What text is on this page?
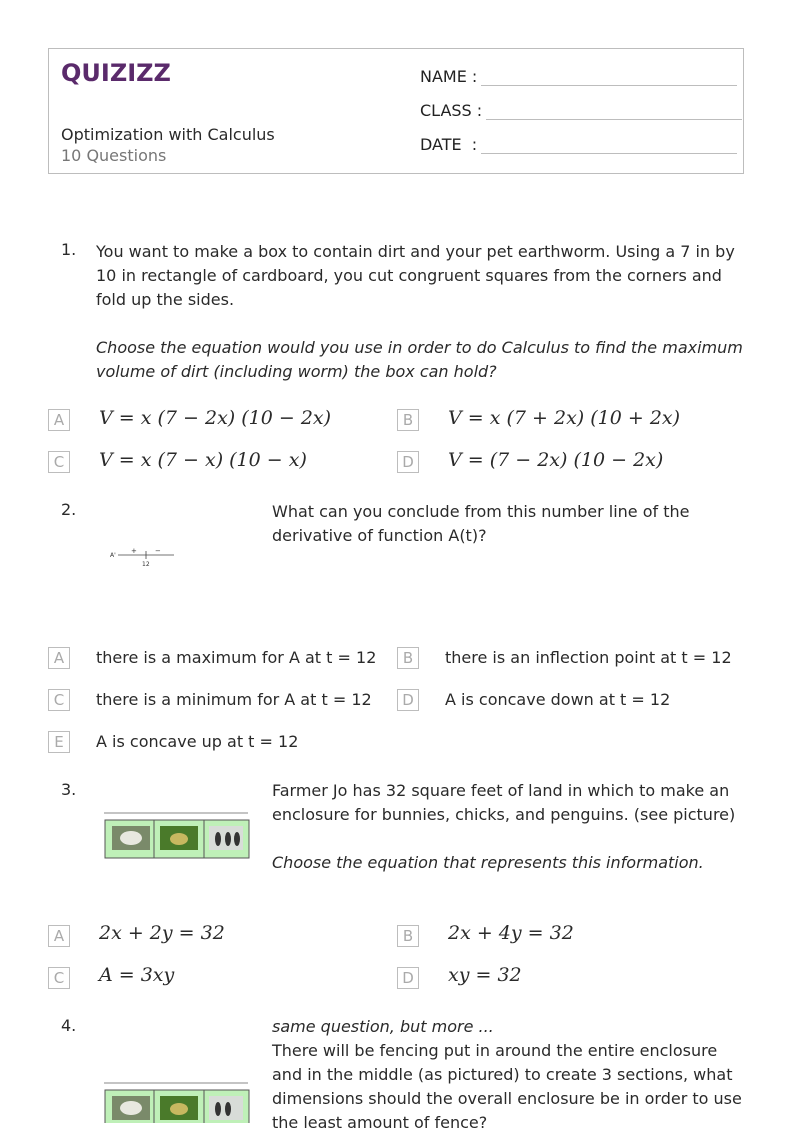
QUIZIZZ
Optimization with Calculus
10 Questions
NAME :
CLASS :
DATE  :
1. You want to make a box to contain dirt and your pet earthworm. Using a 7 in by 10 in rectangle of cardboard, you cut congruent squares from the corners and fold up the sides.
Choose the equation would you use in order to do Calculus to find the maximum volume of dirt (including worm) the box can hold?
A	V = x (7 − 2x) (10 − 2x)	B	V = x (7 + 2x) (10 + 2x)
C	V = x (7 − x) (10 − x)	D V = (7 − 2x) (10 − 2x)
2.
A'
+	−
12
What can you conclude from this number line of the derivative of function A(t)?
A	there is a maximum for A at t = 12	B	there is an inflection point at t = 12
C	there is a minimum for A at t = 12	D	A is concave down at t = 12
E	A is concave up at t = 12
3.	Farmer Jo has 32 square feet of land in which to make an enclosure for bunnies, chicks, and penguins. (see picture)
Choose the equation that represents this information.
A	2x + 2y = 32	B	2x + 4y = 32
C	A = 3xy	D xy = 32
4.	same question, but more ...
There will be fencing put in around the entire enclosure and in the middle (as pictured) to create 3 sections, what dimensions should the overall enclosure be in order to use the least amount of fence?
